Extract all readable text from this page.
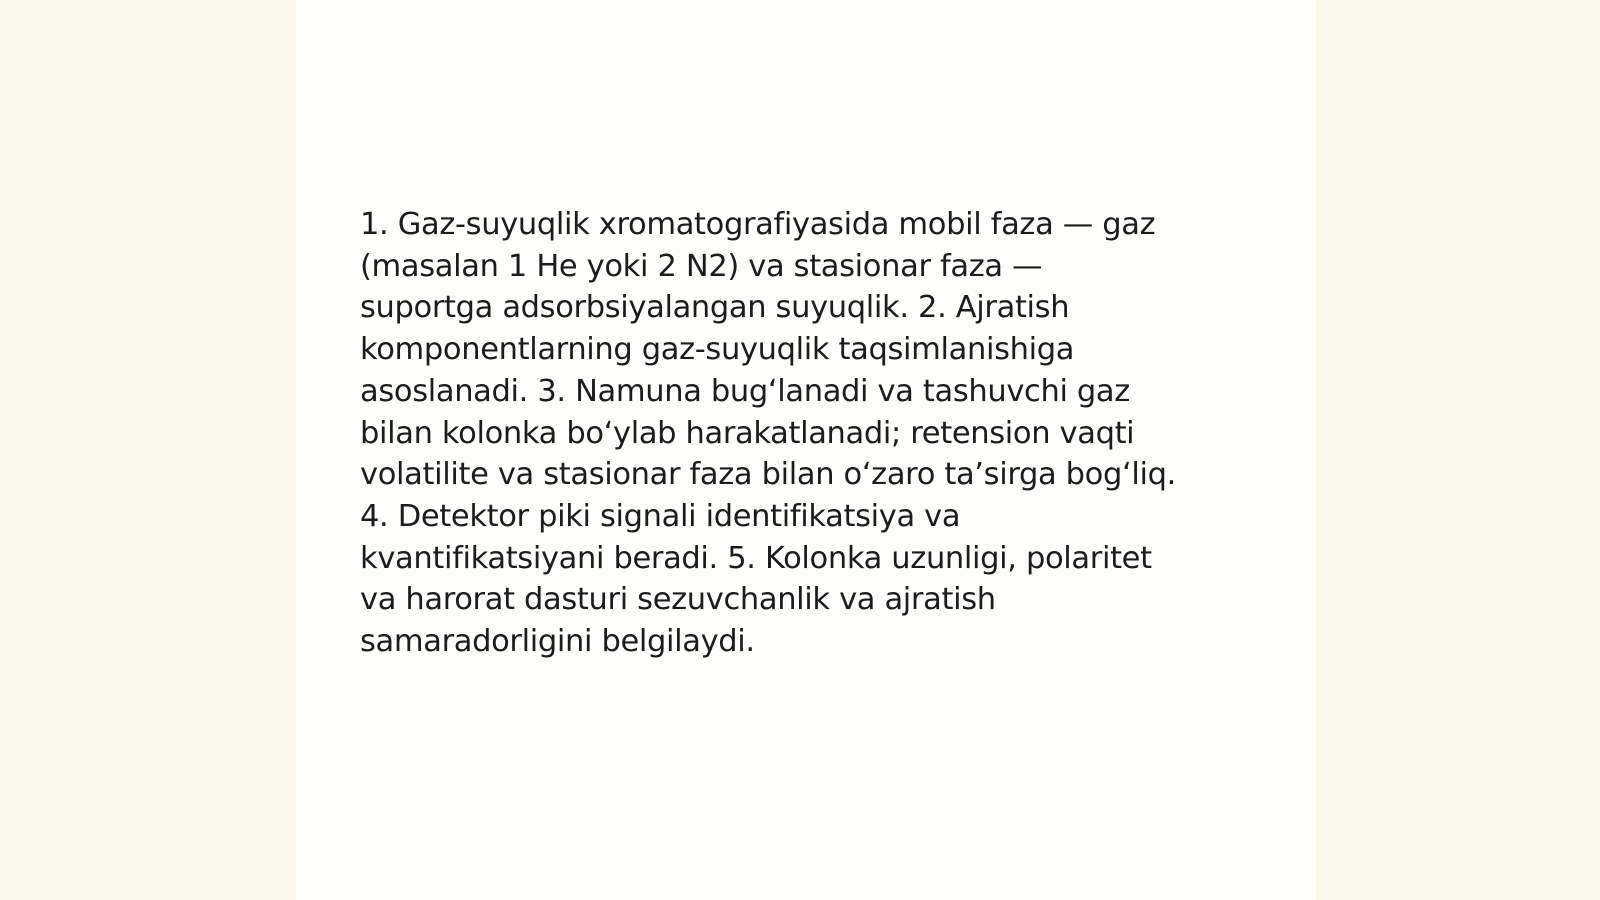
1. Gaz-suyuqlik xromatografiyasida mobil faza — gaz
(masalan 1 He yoki 2 N2) va stasionar faza —
suportga adsorbsiyalangan suyuqlik. 2. Ajratish
komponentlarning gaz-suyuqlik taqsimlanishiga
asoslanadi. 3. Namuna bugʻlanadi va tashuvchi gaz
bilan kolonka boʻylab harakatlanadi; retension vaqti
volatilite va stasionar faza bilan oʻzaro taʼsirga bogʻliq.
4. Detektor piki signali identifikatsiya va
kvantifikatsiyani beradi. 5. Kolonka uzunligi, polaritet
va harorat dasturi sezuvchanlik va ajratish
samaradorligini belgilaydi.
